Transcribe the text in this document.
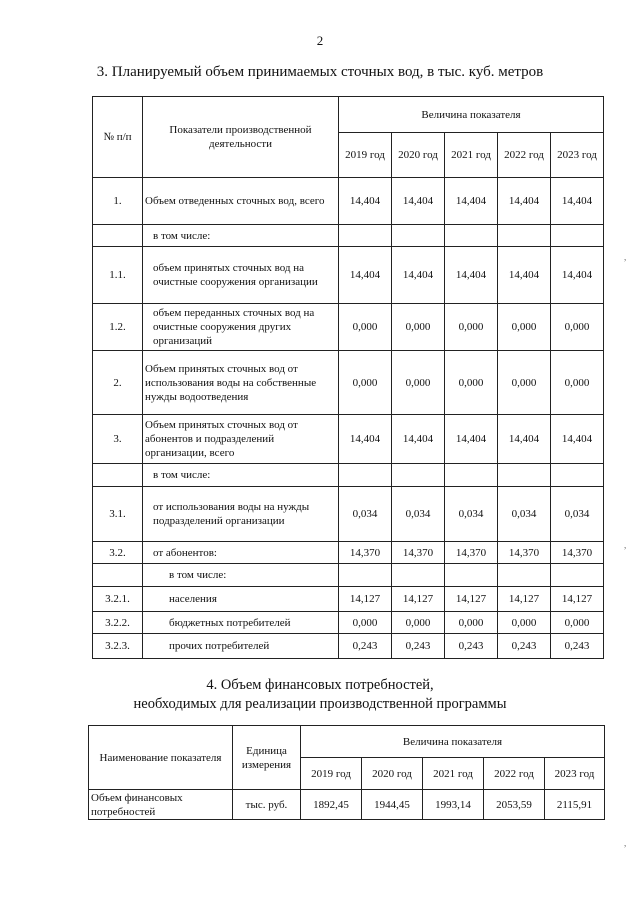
2
3. Планируемый объем принимаемых сточных вод, в тыс. куб. метров
№ п/п	Показатели производственной деятельности	Величина показателя				
		2019 год	2020 год	2021 год	2022 год	2023 год
1.	Объем отведенных сточных вод, всего	14,404	14,404	14,404	14,404	14,404
	в том числе:					
1.1.	объем принятых сточных вод на очистные сооружения организации	14,404	14,404	14,404	14,404	14,404
1.2.	объем переданных сточных вод на очистные сооружения других организаций	0,000	0,000	0,000	0,000	0,000
2.	Объем принятых сточных вод от использования воды на собственные нужды водоотведения	0,000	0,000	0,000	0,000	0,000
3.	Объем принятых сточных вод от абонентов и подразделений организации, всего	14,404	14,404	14,404	14,404	14,404
	в том числе:					
3.1.	от использования воды на нужды подразделений организации	0,034	0,034	0,034	0,034	0,034
3.2.	от абонентов:	14,370	14,370	14,370	14,370	14,370
	в том числе:					
3.2.1.	населения	14,127	14,127	14,127	14,127	14,127
3.2.2.	бюджетных потребителей	0,000	0,000	0,000	0,000	0,000
3.2.3.	прочих потребителей	0,243	0,243	0,243	0,243	0,243
4. Объем финансовых потребностей,
необходимых для реализации производственной программы
Наименование показателя	Единица измерения	Величина показателя				
		2019 год	2020 год	2021 год	2022 год	2023 год
Объем финансовых потребностей	тыс. руб.	1892,45	1944,45	1993,14	2053,59	2115,91
,
,
,
